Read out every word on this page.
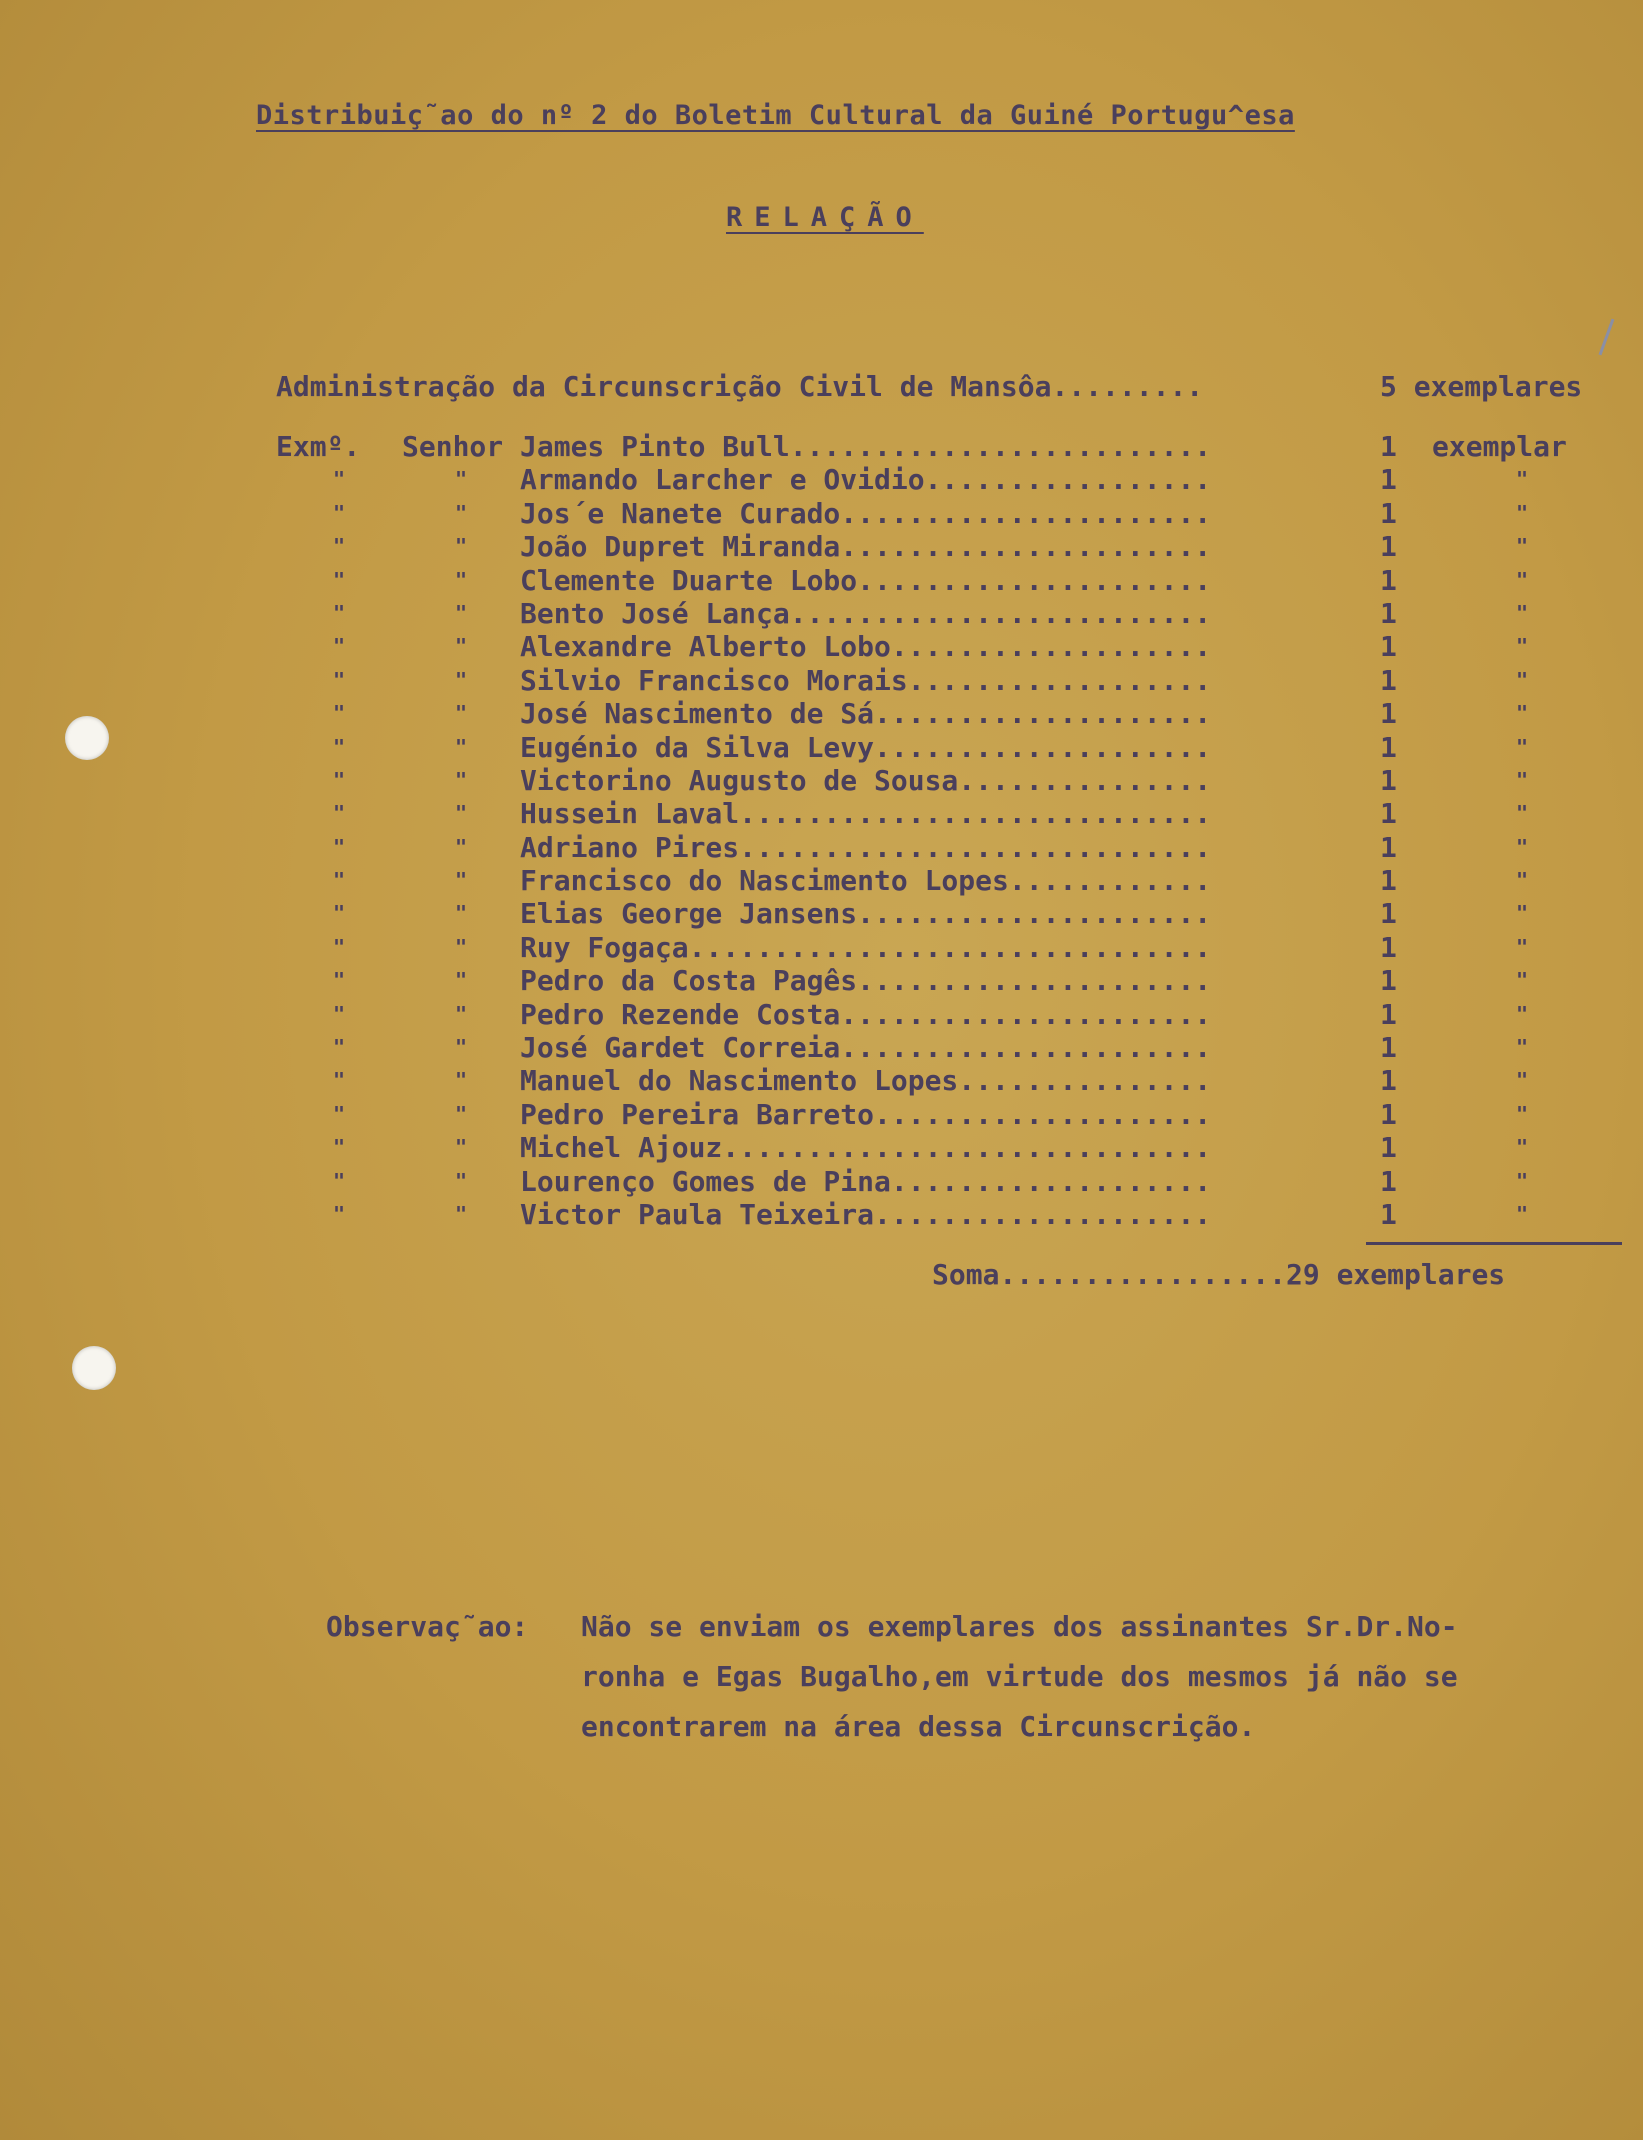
Distribuiç˜ao do nº 2 do Boletim Cultural da Guiné Portugu^esa
RELAÇÃO
Administração da Circunscrição Civil de Mansôa.........	5 exemplares
Exmº.	Senhor James Pinto Bull.........................	1	exemplar
"	"	Armando Larcher e Ovidio.................	1	"
"	"	Jos´e Nanete Curado......................	1	"
"	"	João Dupret Miranda......................	1	"
"	"	Clemente Duarte Lobo.....................	1	"
"	"	Bento José Lança.........................	1	"
"	"	Alexandre Alberto Lobo...................	1	"
"	"	Silvio Francisco Morais..................	1	"
"	"	José Nascimento de Sá....................	1	"
"	"	Eugénio da Silva Levy....................	1	"
"	"	Victorino Augusto de Sousa...............	1	"
"	"	Hussein Laval............................	1	"
"	"	Adriano Pires............................	1	"
"	"	Francisco do Nascimento Lopes............	1	"
"	"	Elias George Jansens.....................	1	"
"	"	Ruy Fogaça...............................	1	"
"	"	Pedro da Costa Pagês.....................	1	"
"	"	Pedro Rezende Costa......................	1	"
"	"	José Gardet Correia......................	1	"
"	"	Manuel do Nascimento Lopes...............	1	"
"	"	Pedro Pereira Barreto....................	1	"
"	"	Michel Ajouz.............................	1	"
"	"	Lourenço Gomes de Pina...................	1	"
"	"	Victor Paula Teixeira....................	1	"
Soma.................29 exemplares
Observaç˜ao: Não se enviam os exemplares dos assinantes Sr.Dr.No-
ronha e Egas Bugalho,em virtude dos mesmos já não se
encontrarem na área dessa Circunscrição.
